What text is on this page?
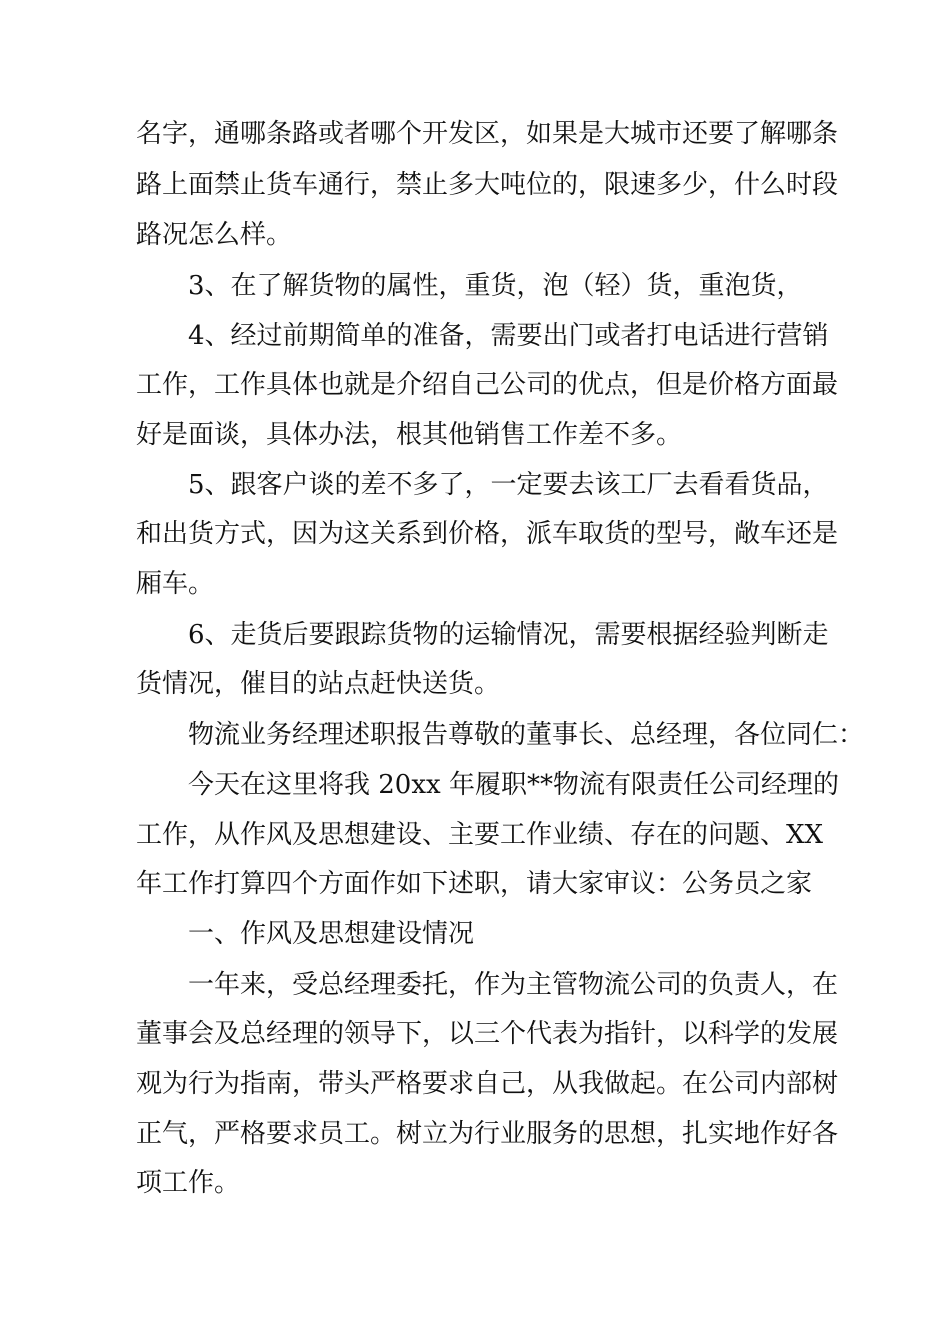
名字，通哪条路或者哪个开发区，如果是大城市还要了解哪条
路上面禁止货车通行，禁止多大吨位的，限速多少，什么时段
路况怎么样。
3、在了解货物的属性，重货，泡（轻）货，重泡货，
4、经过前期简单的准备，需要出门或者打电话进行营销
工作，工作具体也就是介绍自己公司的优点，但是价格方面最
好是面谈，具体办法，根其他销售工作差不多。
5、跟客户谈的差不多了，一定要去该工厂去看看货品，
和出货方式，因为这关系到价格，派车取货的型号，敞车还是
厢车。
6、走货后要跟踪货物的运输情况，需要根据经验判断走
货情况，催目的站点赶快送货。
物流业务经理述职报告尊敬的董事长、总经理，各位同仁：
今天在这里将我 20xx 年履职**物流有限责任公司经理的
工作，从作风及思想建设、主要工作业绩、存在的问题、XX
年工作打算四个方面作如下述职，请大家审议：公务员之家
一、作风及思想建设情况
一年来，受总经理委托，作为主管物流公司的负责人，在
董事会及总经理的领导下，以三个代表为指针，以科学的发展
观为行为指南，带头严格要求自己，从我做起。在公司内部树
正气，严格要求员工。树立为行业服务的思想，扎实地作好各
项工作。
